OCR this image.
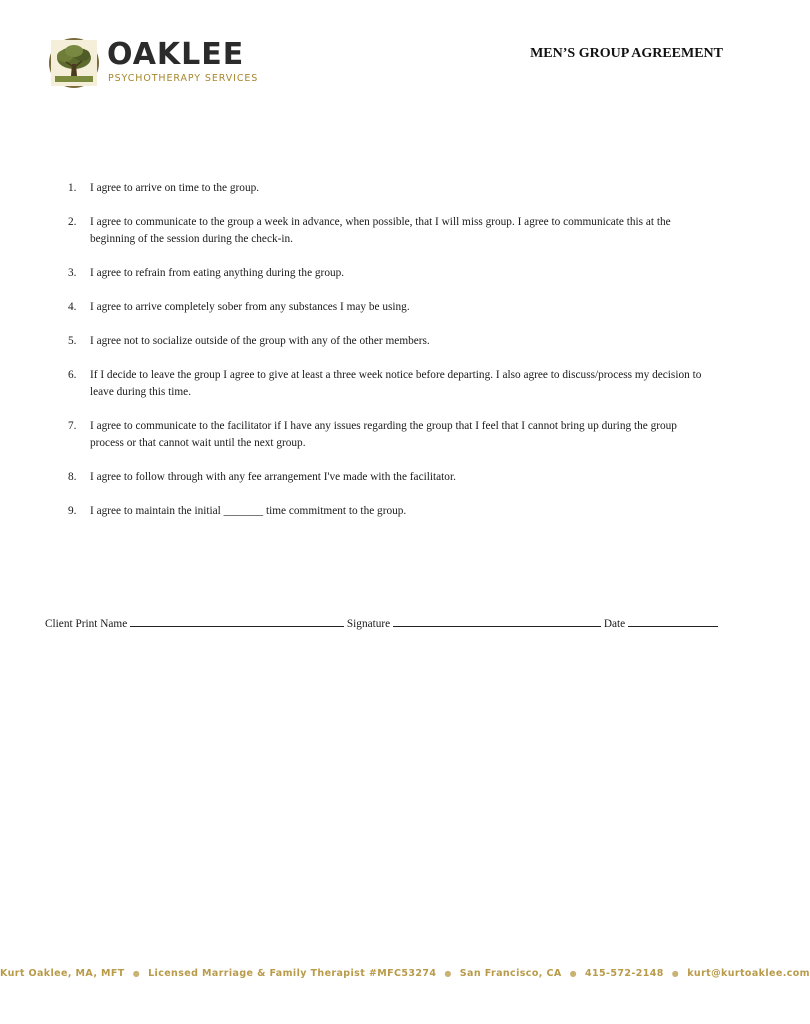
OAKLEE
PSYCHOTHERAPY SERVICES
MEN’S GROUP AGREEMENT
1. I agree to arrive on time to the group.
2. I agree to communicate to the group a week in advance, when possible, that I will miss group. I agree to communicate this at the beginning of the session during the check-in.
3. I agree to refrain from eating anything during the group.
4. I agree to arrive completely sober from any substances I may be using.
5. I agree not to socialize outside of the group with any of the other members.
6. If I decide to leave the group I agree to give at least a three week notice before departing. I also agree to discuss/process my decision to leave during this time.
7. I agree to communicate to the facilitator if I have any issues regarding the group that I feel that I cannot bring up during the group process or that cannot wait until the next group.
8. I agree to follow through with any fee arrangement I've made with the facilitator.
9. I agree to maintain the initial _______ time commitment to the group.
Client Print Name	Signature	Date
Kurt Oaklee, MA, MFT ● Licensed Marriage & Family Therapist #MFC53274 ● San Francisco, CA ● 415-572-2148 ● kurt@kurtoaklee.com
